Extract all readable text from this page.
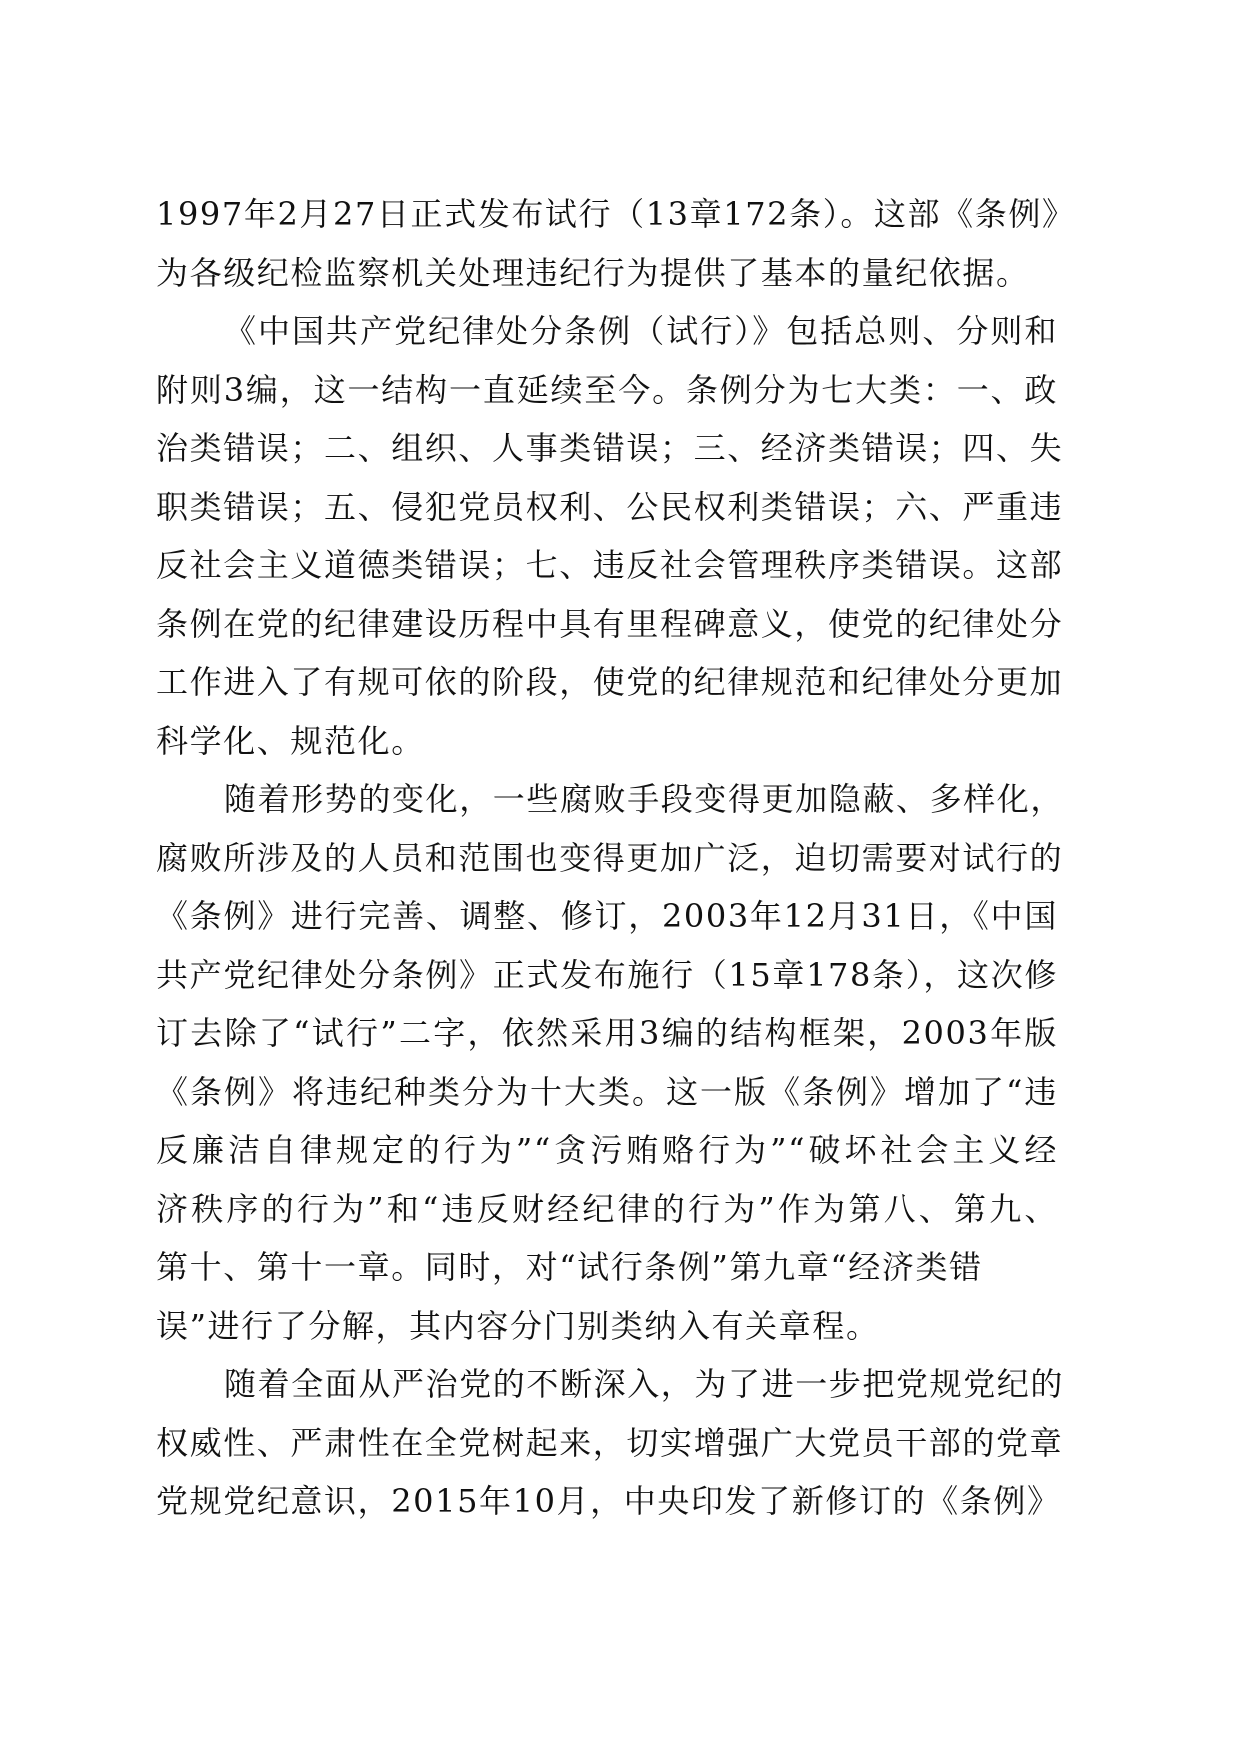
1997年2月27日正式发布试行（13章172条）。这部《条例》
为各级纪检监察机关处理违纪行为提供了基本的量纪依据。
《中国共产党纪律处分条例（试行）》包括总则、分则和
附则3编，这一结构一直延续至今。条例分为七大类：一、政
治类错误；二、组织、人事类错误；三、经济类错误；四、失
职类错误；五、侵犯党员权利、公民权利类错误；六、严重违
反社会主义道德类错误；七、违反社会管理秩序类错误。这部
条例在党的纪律建设历程中具有里程碑意义，使党的纪律处分
工作进入了有规可依的阶段，使党的纪律规范和纪律处分更加
科学化、规范化。
随着形势的变化，一些腐败手段变得更加隐蔽、多样化，
腐败所涉及的人员和范围也变得更加广泛，迫切需要对试行的
《条例》进行完善、调整、修订，2003年12月31日，《中国
共产党纪律处分条例》正式发布施行（15章178条），这次修
订去除了“试行”二字，依然采用3编的结构框架，2003年版
《条例》将违纪种类分为十大类。这一版《条例》增加了“违
反廉洁自律规定的行为”“贪污贿赂行为”“破坏社会主义经
济秩序的行为”和“违反财经纪律的行为”作为第八、第九、
第十、第十一章。同时，对“试行条例”第九章“经济类错
误”进行了分解，其内容分门别类纳入有关章程。
随着全面从严治党的不断深入，为了进一步把党规党纪的
权威性、严肃性在全党树起来，切实增强广大党员干部的党章
党规党纪意识，2015年10月，中央印发了新修订的《条例》
